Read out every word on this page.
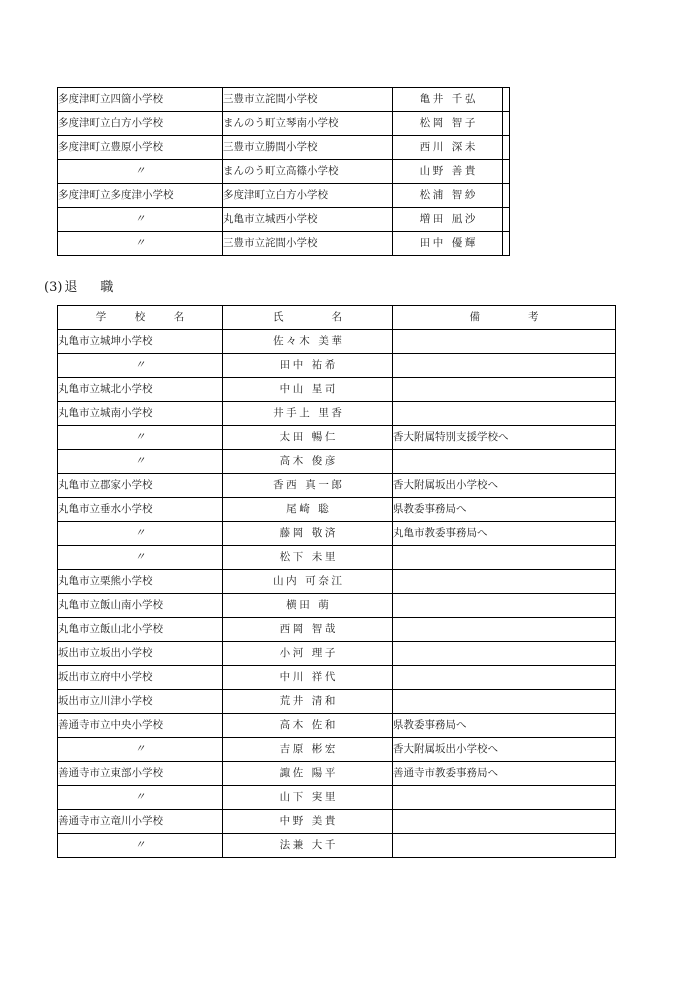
多度津町立四箇小学校	三豊市立詫間小学校	亀井 千弘	
多度津町立白方小学校	まんのう町立琴南小学校	松岡 智子	
多度津町立豊原小学校	三豊市立勝間小学校	西川 深未	
〃	まんのう町立高篠小学校	山野 善貴	
多度津町立多度津小学校	多度津町立白方小学校	松浦 智紗	
〃	丸亀市立城西小学校	増田 凪沙	
〃	三豊市立詫間小学校	田中 優輝	
(3) 退　職
学　校　名	氏　　名	備　　考
丸亀市立城坤小学校	佐々木 美華	
〃	田中 祐希	
丸亀市立城北小学校	中山 星司	
丸亀市立城南小学校	井手上 里香	
〃	太田 暢仁	香大附属特別支援学校へ
〃	高木 俊彦	
丸亀市立郡家小学校	香西 真一郎	香大附属坂出小学校へ
丸亀市立垂水小学校	尾崎 聡	県教委事務局へ
〃	藤岡 敬済	丸亀市教委事務局へ
〃	松下 未里	
丸亀市立栗熊小学校	山内 可奈江	
丸亀市立飯山南小学校	横田 萌	
丸亀市立飯山北小学校	西岡 智哉	
坂出市立坂出小学校	小河 理子	
坂出市立府中小学校	中川 祥代	
坂出市立川津小学校	荒井 清和	
善通寺市立中央小学校	高木 佐和	県教委事務局へ
〃	吉原 彬宏	香大附属坂出小学校へ
善通寺市立東部小学校	諏佐 陽平	善通寺市教委事務局へ
〃	山下 実里	
善通寺市立竜川小学校	中野 美貴	
〃	法兼 大千	
